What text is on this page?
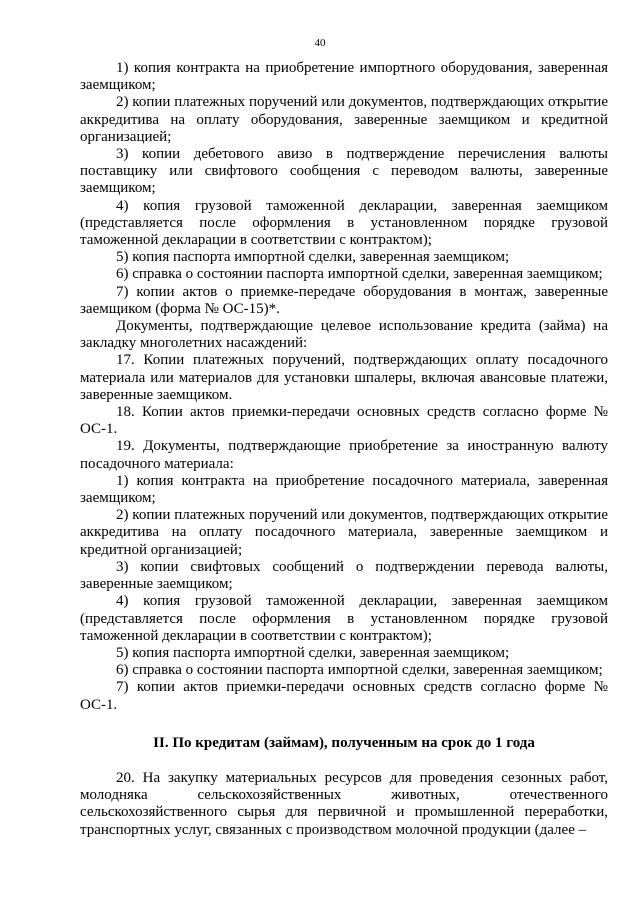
40

1) копия контракта на приобретение импортного оборудования, заверенная заемщиком;

2) копии платежных поручений или документов, подтверждающих открытие аккредитива на оплату оборудования, заверенные заемщиком и кредитной организацией;

3) копии дебетового авизо в подтверждение перечисления валюты поставщику или свифтового сообщения с переводом валюты, заверенные заемщиком;

4) копия грузовой таможенной декларации, заверенная заемщиком (представляется после оформления в установленном порядке грузовой таможенной декларации в соответствии с контрактом);

5) копия паспорта импортной сделки, заверенная заемщиком;

6) справка о состоянии паспорта импортной сделки, заверенная заемщиком;

7) копии актов о приемке-передаче оборудования в монтаж, заверенные заемщиком (форма № ОС-15)*.

Документы, подтверждающие целевое использование кредита (займа) на закладку многолетних насаждений:

17. Копии платежных поручений, подтверждающих оплату посадочного материала или материалов для установки шпалеры, включая авансовые платежи, заверенные заемщиком.

18. Копии актов приемки-передачи основных средств согласно форме № ОС-1.

19. Документы, подтверждающие приобретение за иностранную валюту посадочного материала:

1) копия контракта на приобретение посадочного материала, заверенная заемщиком;

2) копии платежных поручений или документов, подтверждающих открытие аккредитива на оплату посадочного материала, заверенные заемщиком и кредитной организацией;

3) копии свифтовых сообщений о подтверждении перевода валюты, заверенные заемщиком;

4) копия грузовой таможенной декларации, заверенная заемщиком (представляется после оформления в установленном порядке грузовой таможенной декларации в соответствии с контрактом);

5) копия паспорта импортной сделки, заверенная заемщиком;

6) справка о состоянии паспорта импортной сделки, заверенная заемщиком;

7) копии актов приемки-передачи основных средств согласно форме № ОС-1.

II. По кредитам (займам), полученным на срок до 1 года

20. На закупку материальных ресурсов для проведения сезонных работ, молодняка сельскохозяйственных животных, отечественного сельскохозяйственного сырья для первичной и промышленной переработки, транспортных услуг, связанных с производством молочной продукции (далее –
